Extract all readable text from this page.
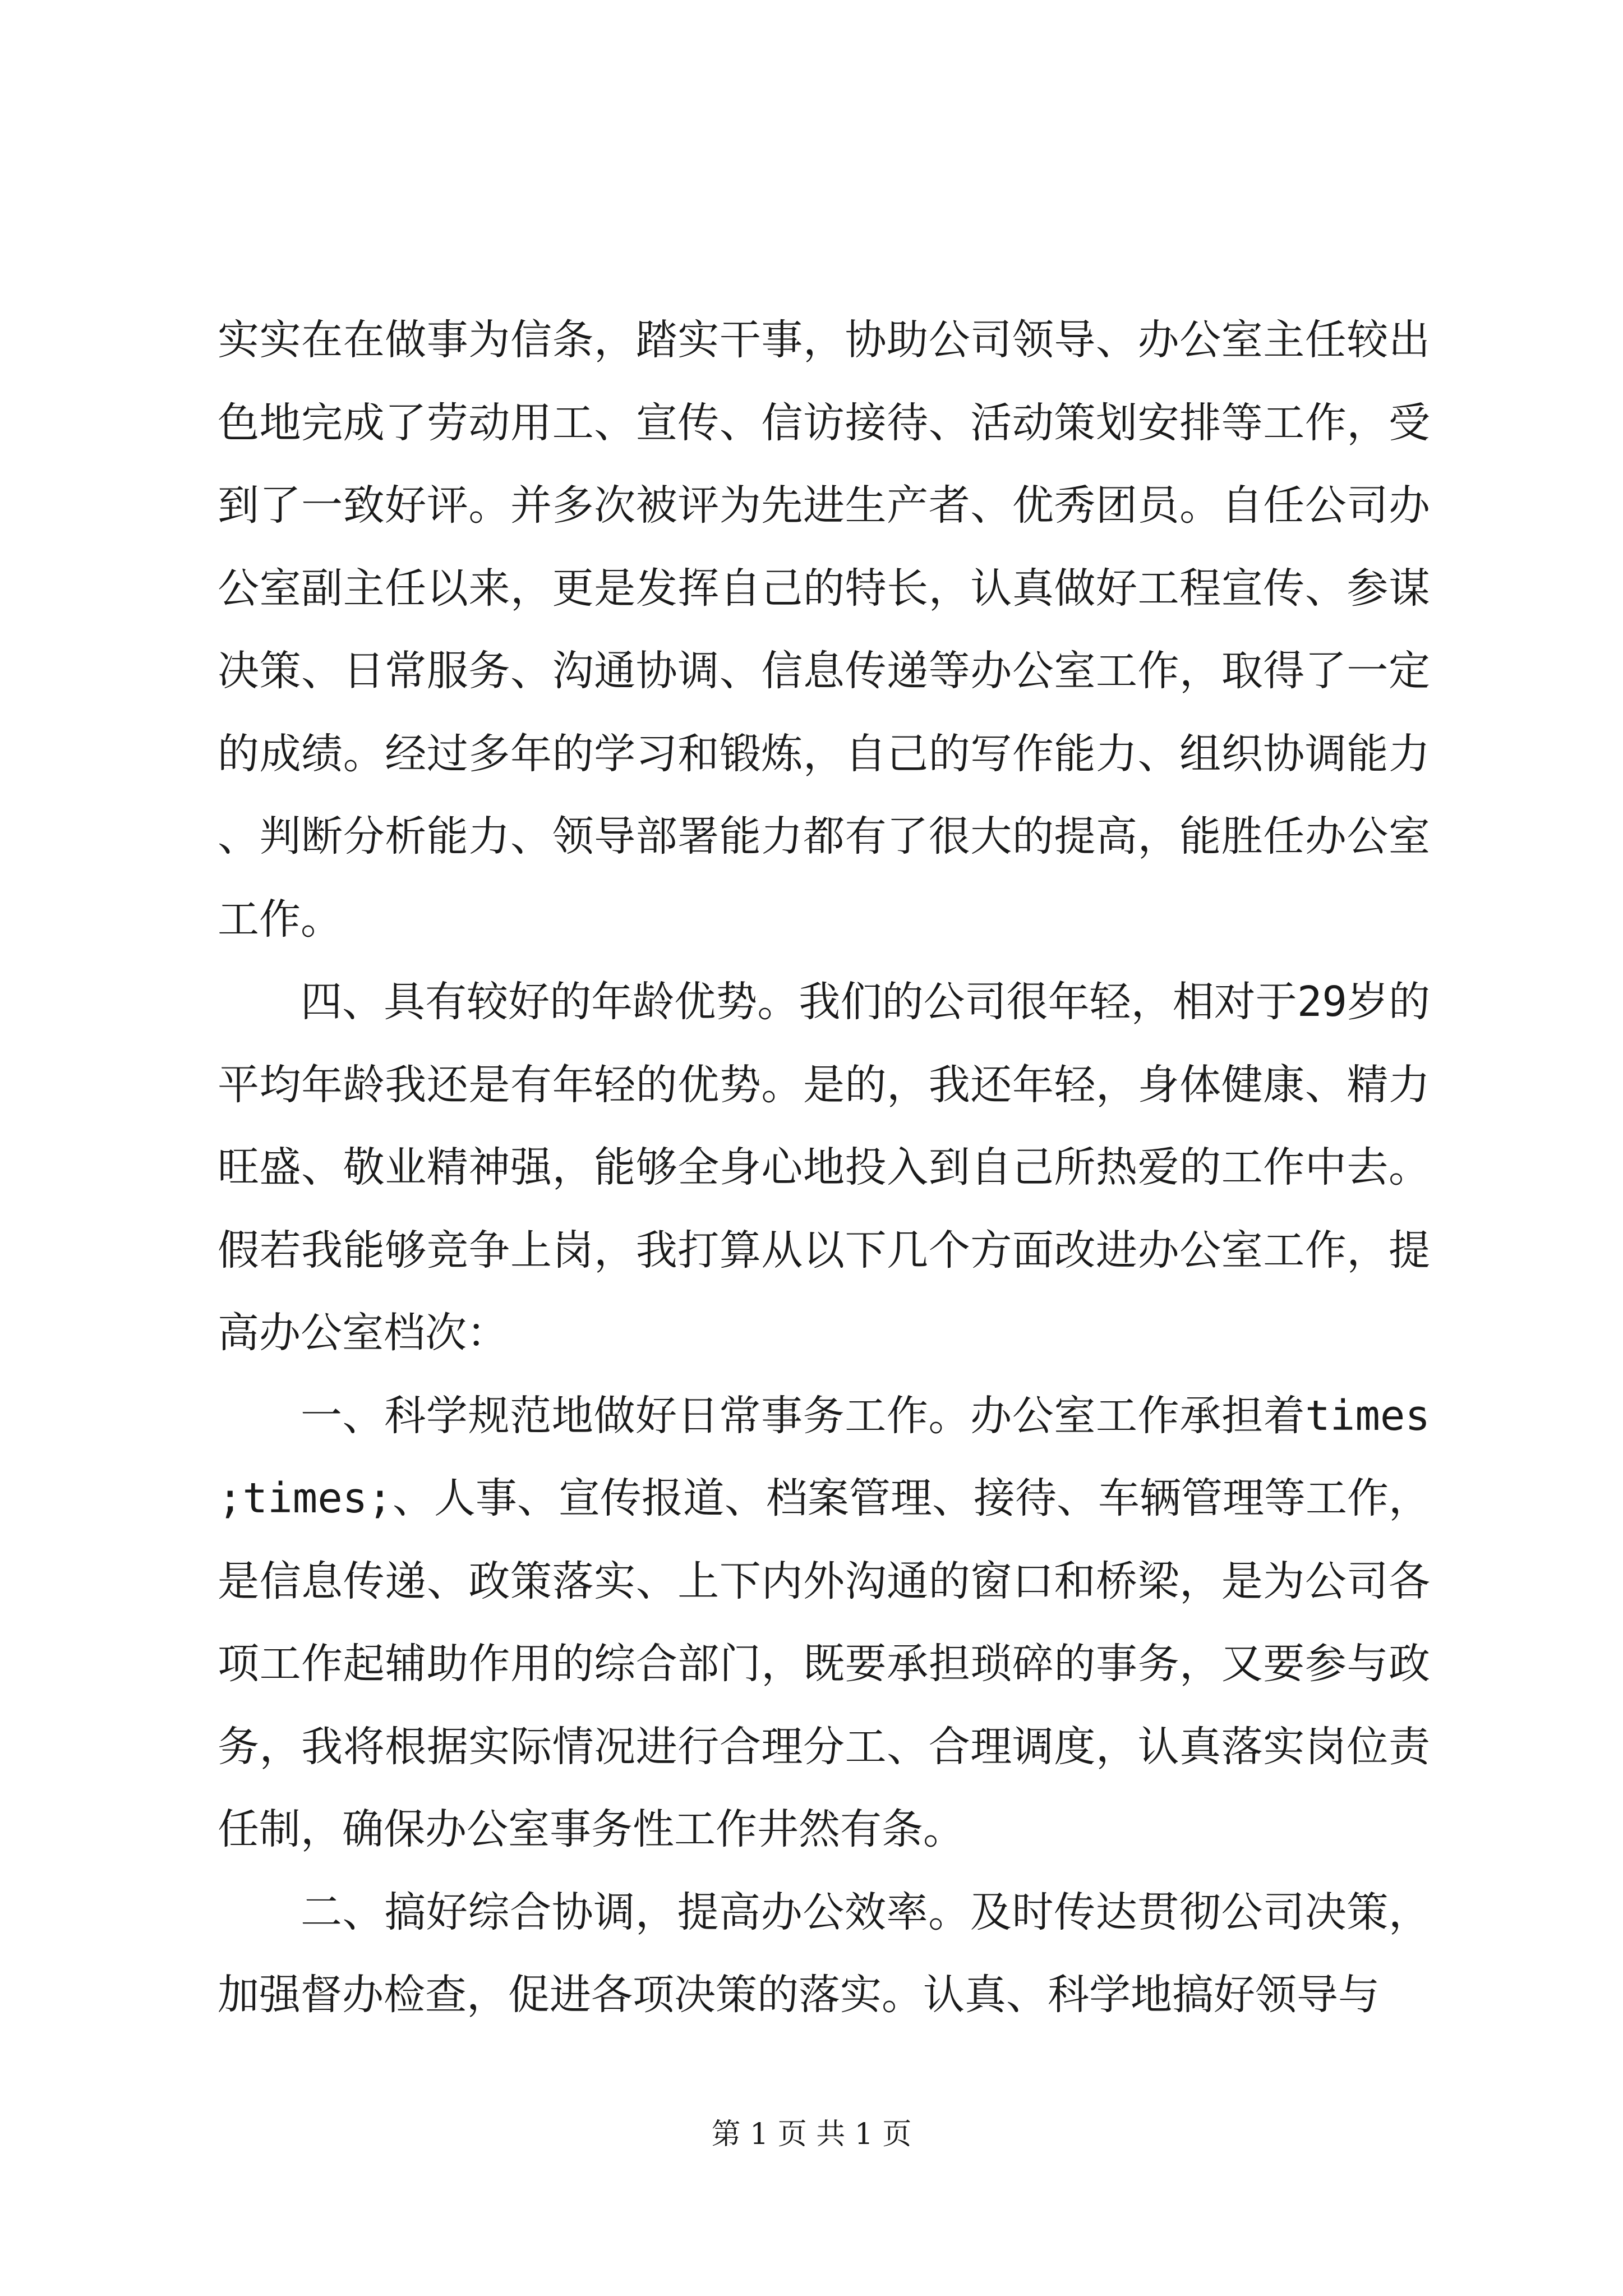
实实在在做事为信条，踏实干事，协助公司领导、办公室主任较出色地完成了劳动用工、宣传、信访接待、活动策划安排等工作，受到了一致好评。并多次被评为先进生产者、优秀团员。自任公司办公室副主任以来，更是发挥自己的特长，认真做好工程宣传、参谋决策、日常服务、沟通协调、信息传递等办公室工作，取得了一定的成绩。经过多年的学习和锻炼，自己的写作能力、组织协调能力、判断分析能力、领导部署能力都有了很大的提高，能胜任办公室工作。

四、具有较好的年龄优势。我们的公司很年轻，相对于29岁的平均年龄我还是有年轻的优势。是的，我还年轻，身体健康、精力旺盛、敬业精神强，能够全身心地投入到自己所热爱的工作中去。假若我能够竞争上岗，我打算从以下几个方面改进办公室工作，提高办公室档次：

一、科学规范地做好日常事务工作。办公室工作承担着times;times;、人事、宣传报道、档案管理、接待、车辆管理等工作，是信息传递、政策落实、上下内外沟通的窗口和桥梁，是为公司各项工作起辅助作用的综合部门，既要承担琐碎的事务，又要参与政务，我将根据实际情况进行合理分工、合理调度，认真落实岗位责任制，确保办公室事务性工作井然有条。

二、搞好综合协调，提高办公效率。及时传达贯彻公司决策，加强督办检查，促进各项决策的落实。认真、科学地搞好领导与

第 1 页 共 1 页
